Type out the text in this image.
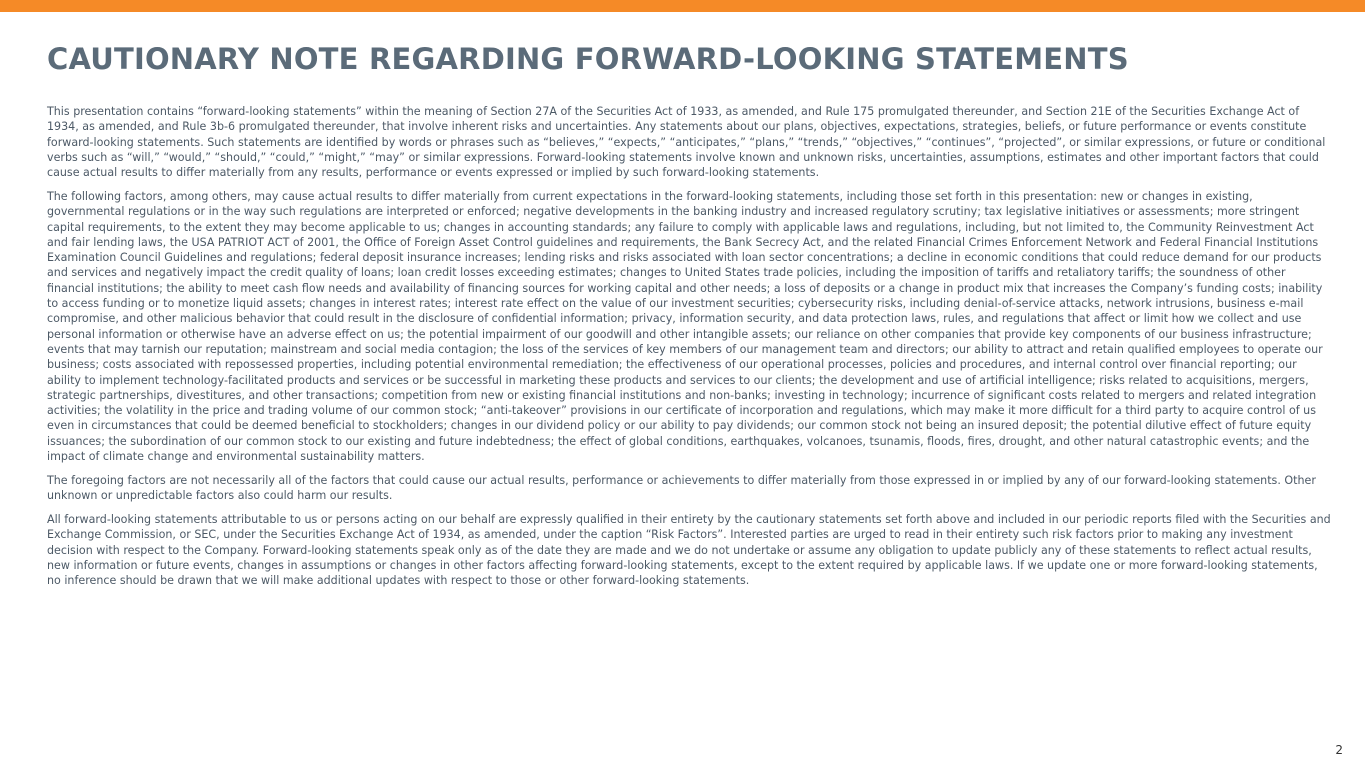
CAUTIONARY NOTE REGARDING FORWARD-LOOKING STATEMENTS

This presentation contains “forward-looking statements” within the meaning of Section 27A of the Securities Act of 1933, as amended, and Rule 175 promulgated thereunder, and Section 21E of the Securities Exchange Act of 1934, as amended, and Rule 3b-6 promulgated thereunder, that involve inherent risks and uncertainties. Any statements about our plans, objectives, expectations, strategies, beliefs, or future performance or events constitute forward-looking statements. Such statements are identified by words or phrases such as “believes,” “expects,” “anticipates,” “plans,” “trends,” “objectives,” “continues”, “projected”, or similar expressions, or future or conditional verbs such as “will,” “would,” “should,” “could,” “might,” “may” or similar expressions. Forward-looking statements involve known and unknown risks, uncertainties, assumptions, estimates and other important factors that could cause actual results to differ materially from any results, performance or events expressed or implied by such forward-looking statements.

The following factors, among others, may cause actual results to differ materially from current expectations in the forward-looking statements, including those set forth in this presentation: new or changes in existing, governmental regulations or in the way such regulations are interpreted or enforced; negative developments in the banking industry and increased regulatory scrutiny; tax legislative initiatives or assessments; more stringent capital requirements, to the extent they may become applicable to us; changes in accounting standards; any failure to comply with applicable laws and regulations, including, but not limited to, the Community Reinvestment Act and fair lending laws, the USA PATRIOT ACT of 2001, the Office of Foreign Asset Control guidelines and requirements, the Bank Secrecy Act, and the related Financial Crimes Enforcement Network and Federal Financial Institutions Examination Council Guidelines and regulations; federal deposit insurance increases; lending risks and risks associated with loan sector concentrations; a decline in economic conditions that could reduce demand for our products and services and negatively impact the credit quality of loans; loan credit losses exceeding estimates; changes to United States trade policies, including the imposition of tariffs and retaliatory tariffs; the soundness of other financial institutions; the ability to meet cash flow needs and availability of financing sources for working capital and other needs; a loss of deposits or a change in product mix that increases the Company’s funding costs; inability to access funding or to monetize liquid assets; changes in interest rates; interest rate effect on the value of our investment securities; cybersecurity risks, including denial-of-service attacks, network intrusions, business e-mail compromise, and other malicious behavior that could result in the disclosure of confidential information; privacy, information security, and data protection laws, rules, and regulations that affect or limit how we collect and use personal information or otherwise have an adverse effect on us; the potential impairment of our goodwill and other intangible assets; our reliance on other companies that provide key components of our business infrastructure; events that may tarnish our reputation; mainstream and social media contagion; the loss of the services of key members of our management team and directors; our ability to attract and retain qualified employees to operate our business; costs associated with repossessed properties, including potential environmental remediation; the effectiveness of our operational processes, policies and procedures, and internal control over financial reporting; our ability to implement technology-facilitated products and services or be successful in marketing these products and services to our clients; the development and use of artificial intelligence; risks related to acquisitions, mergers, strategic partnerships, divestitures, and other transactions; competition from new or existing financial institutions and non-banks; investing in technology; incurrence of significant costs related to mergers and related integration activities; the volatility in the price and trading volume of our common stock; “anti-takeover” provisions in our certificate of incorporation and regulations, which may make it more difficult for a third party to acquire control of us even in circumstances that could be deemed beneficial to stockholders; changes in our dividend policy or our ability to pay dividends; our common stock not being an insured deposit; the potential dilutive effect of future equity issuances; the subordination of our common stock to our existing and future indebtedness; the effect of global conditions, earthquakes, volcanoes, tsunamis, floods, fires, drought, and other natural catastrophic events; and the impact of climate change and environmental sustainability matters.

The foregoing factors are not necessarily all of the factors that could cause our actual results, performance or achievements to differ materially from those expressed in or implied by any of our forward-looking statements. Other unknown or unpredictable factors also could harm our results.

All forward-looking statements attributable to us or persons acting on our behalf are expressly qualified in their entirety by the cautionary statements set forth above and included in our periodic reports filed with the Securities and Exchange Commission, or SEC, under the Securities Exchange Act of 1934, as amended, under the caption “Risk Factors”. Interested parties are urged to read in their entirety such risk factors prior to making any investment decision with respect to the Company. Forward-looking statements speak only as of the date they are made and we do not undertake or assume any obligation to update publicly any of these statements to reflect actual results, new information or future events, changes in assumptions or changes in other factors affecting forward-looking statements, except to the extent required by applicable laws. If we update one or more forward-looking statements, no inference should be drawn that we will make additional updates with respect to those or other forward-looking statements.

2
